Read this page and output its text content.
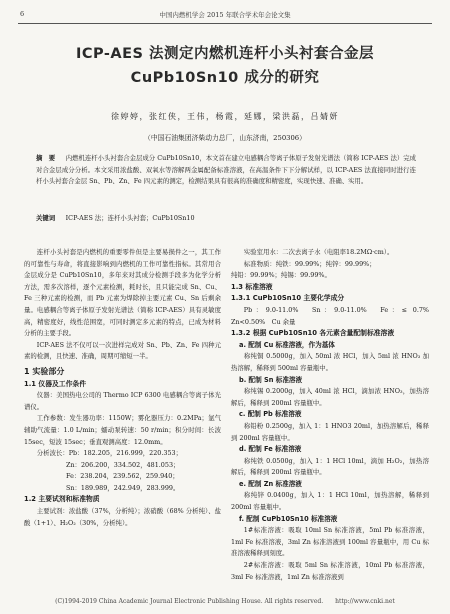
6	中国内燃机学会 2015 年联合学术年会论文集
ICP-AES 法测定内燃机连杆小头衬套合金层
CuPb10Sn10 成分的研究
徐婷婷，张红侠，王伟，杨霞，延娜，梁洪磊，吕婧妍
（中国石油集团济柴动力总厂，山东济南，250306）
摘　要 　 内燃机连杆小头衬套合金层成分 CuPb10Sn10，本文首在建立电感耦合等离子体原子发射光谱法（简称 ICP-AES 法）完成对合金层成分分析。本文采用浓盐酸、双氧水等溶解两金属配备标准溶液，在高温条件下下分解试样，以 ICP-AES 法直接同时进行连杆小头衬套合金层 Sn、Pb、Zn、Fe 四元素的测定，检测结果具有很高的准确度和精密度，实现快速、准确、实用。
关键词 　 ICP-AES 法；连杆小头衬套；CuPb10Sn10

连杆小头衬套是内燃机的重要零件但是主要易损件之一，其工作的可靠性与寿命，将直接影响到内燃机的工作可靠性指标。其常用合金层成分是 CuPb10Sn10，多年来对其成分检测手段多为化学分析方法，需多次溶样，逐个元素检测，耗时长，且只能完成 Sn、Cu、Fe 三种元素的检测，而 Pb 元素为焊除掉主要元素 Cu、Sn 后剩余量。电感耦合等离子体原子发射光谱法（简称 ICP-AES）具有灵敏度高，精密度好，线性范围宽，可同时测定多元素的特点，已成为材料分析的主要手段。

ICP-AES 法不仅可以一次进样完成对 Sn、Pb、Zn、Fe 四种元素的检测，且快速、准确，周期可缩短一半。

1 实验部分

1.1 仪器及工作条件

仪器：美国热电公司的 Thermo ICP 6300 电感耦合等离子体光谱仪。

工作参数：发生器功率：1150W；雾化器压力：0.2MPa；氩气辅助气流量：1.0 L/min；蠕动泵转速：50 r/min；积分时间：长波 15sec，短波 15sec；垂直观测高度：12.0mm。

分析波长：Pb：182.205，216.999，220.353；

Zn：206.200，334.502，481.053；

Fe：238.204，239.562，259.940；

Sn：189.989，242.949，283.999。

1.2 主要试剂和标准物质

主要试剂：浓盐酸（37%，分析纯）；浓硝酸（68% 分析纯）、盐酸（1+1）、H₂O₂（30%，分析纯）。

实验室用水：二次去离子水（电阻率18.2MΩ·cm）。

标准物质：纯铁：99.99%；纯锌：99.99%；

纯铅：99.99%；纯锡：99.99%。

1.3 标准溶液

1.3.1 CuPb10Sn10 主要化学成分

Pb：9.0-11.0%　Sn：9.0-11.0%　Fe：≤ 0.7%　Zn<0.50%　Cu 余量

1.3.2 根据 CuPb10Sn10 各元素含量配制标准溶液

a. 配制 Cu 标准溶液，作为基体

称纯铜 0.5000g，加入 50ml 浓 HCl，加入 5ml 浓 HNO₃ 加热溶解，稀释到 500ml 容量瓶中。

b. 配制 Sn 标准溶液

称纯锡 0.2000g，加入 40ml 浓 HCl，滴加浓 HNO₃，加热溶解后，稀释到 200ml 容量瓶中。

c. 配制 Pb 标准溶液

称铅粉 0.2500g，加入 1：1 HNO3 20ml，加热溶解后，稀释到 200ml 容量瓶中。

d. 配制 Fe 标准溶液

称纯铁 0.0500g，加入 1：1 HCl 10ml，滴加 H₂O₂，加热溶解后，稀释到 200ml 容量瓶中。

e. 配制 Zn 标准溶液

称纯锌 0.0400g，加入 1：1 HCl 10ml，加热溶解，稀释到 200ml 容量瓶中。

f. 配制 CuPb10Sn10 标准溶液

1#标准溶液：吸取 10ml Sn 标准溶液，5ml Pb 标准溶液，1ml Fe 标准溶液，3ml Zn 标准溶液到 100ml 容量瓶中，用 Cu 标准溶液稀释到刻度。

2#标准溶液：吸取 5ml Sn 标准溶液，10ml Pb 标准溶液，3ml Fe 标准溶液，1ml Zn 标准溶液到

(C)1994-2019 China Academic Journal Electronic Publishing House. All rights reserved.　　http://www.cnki.net
